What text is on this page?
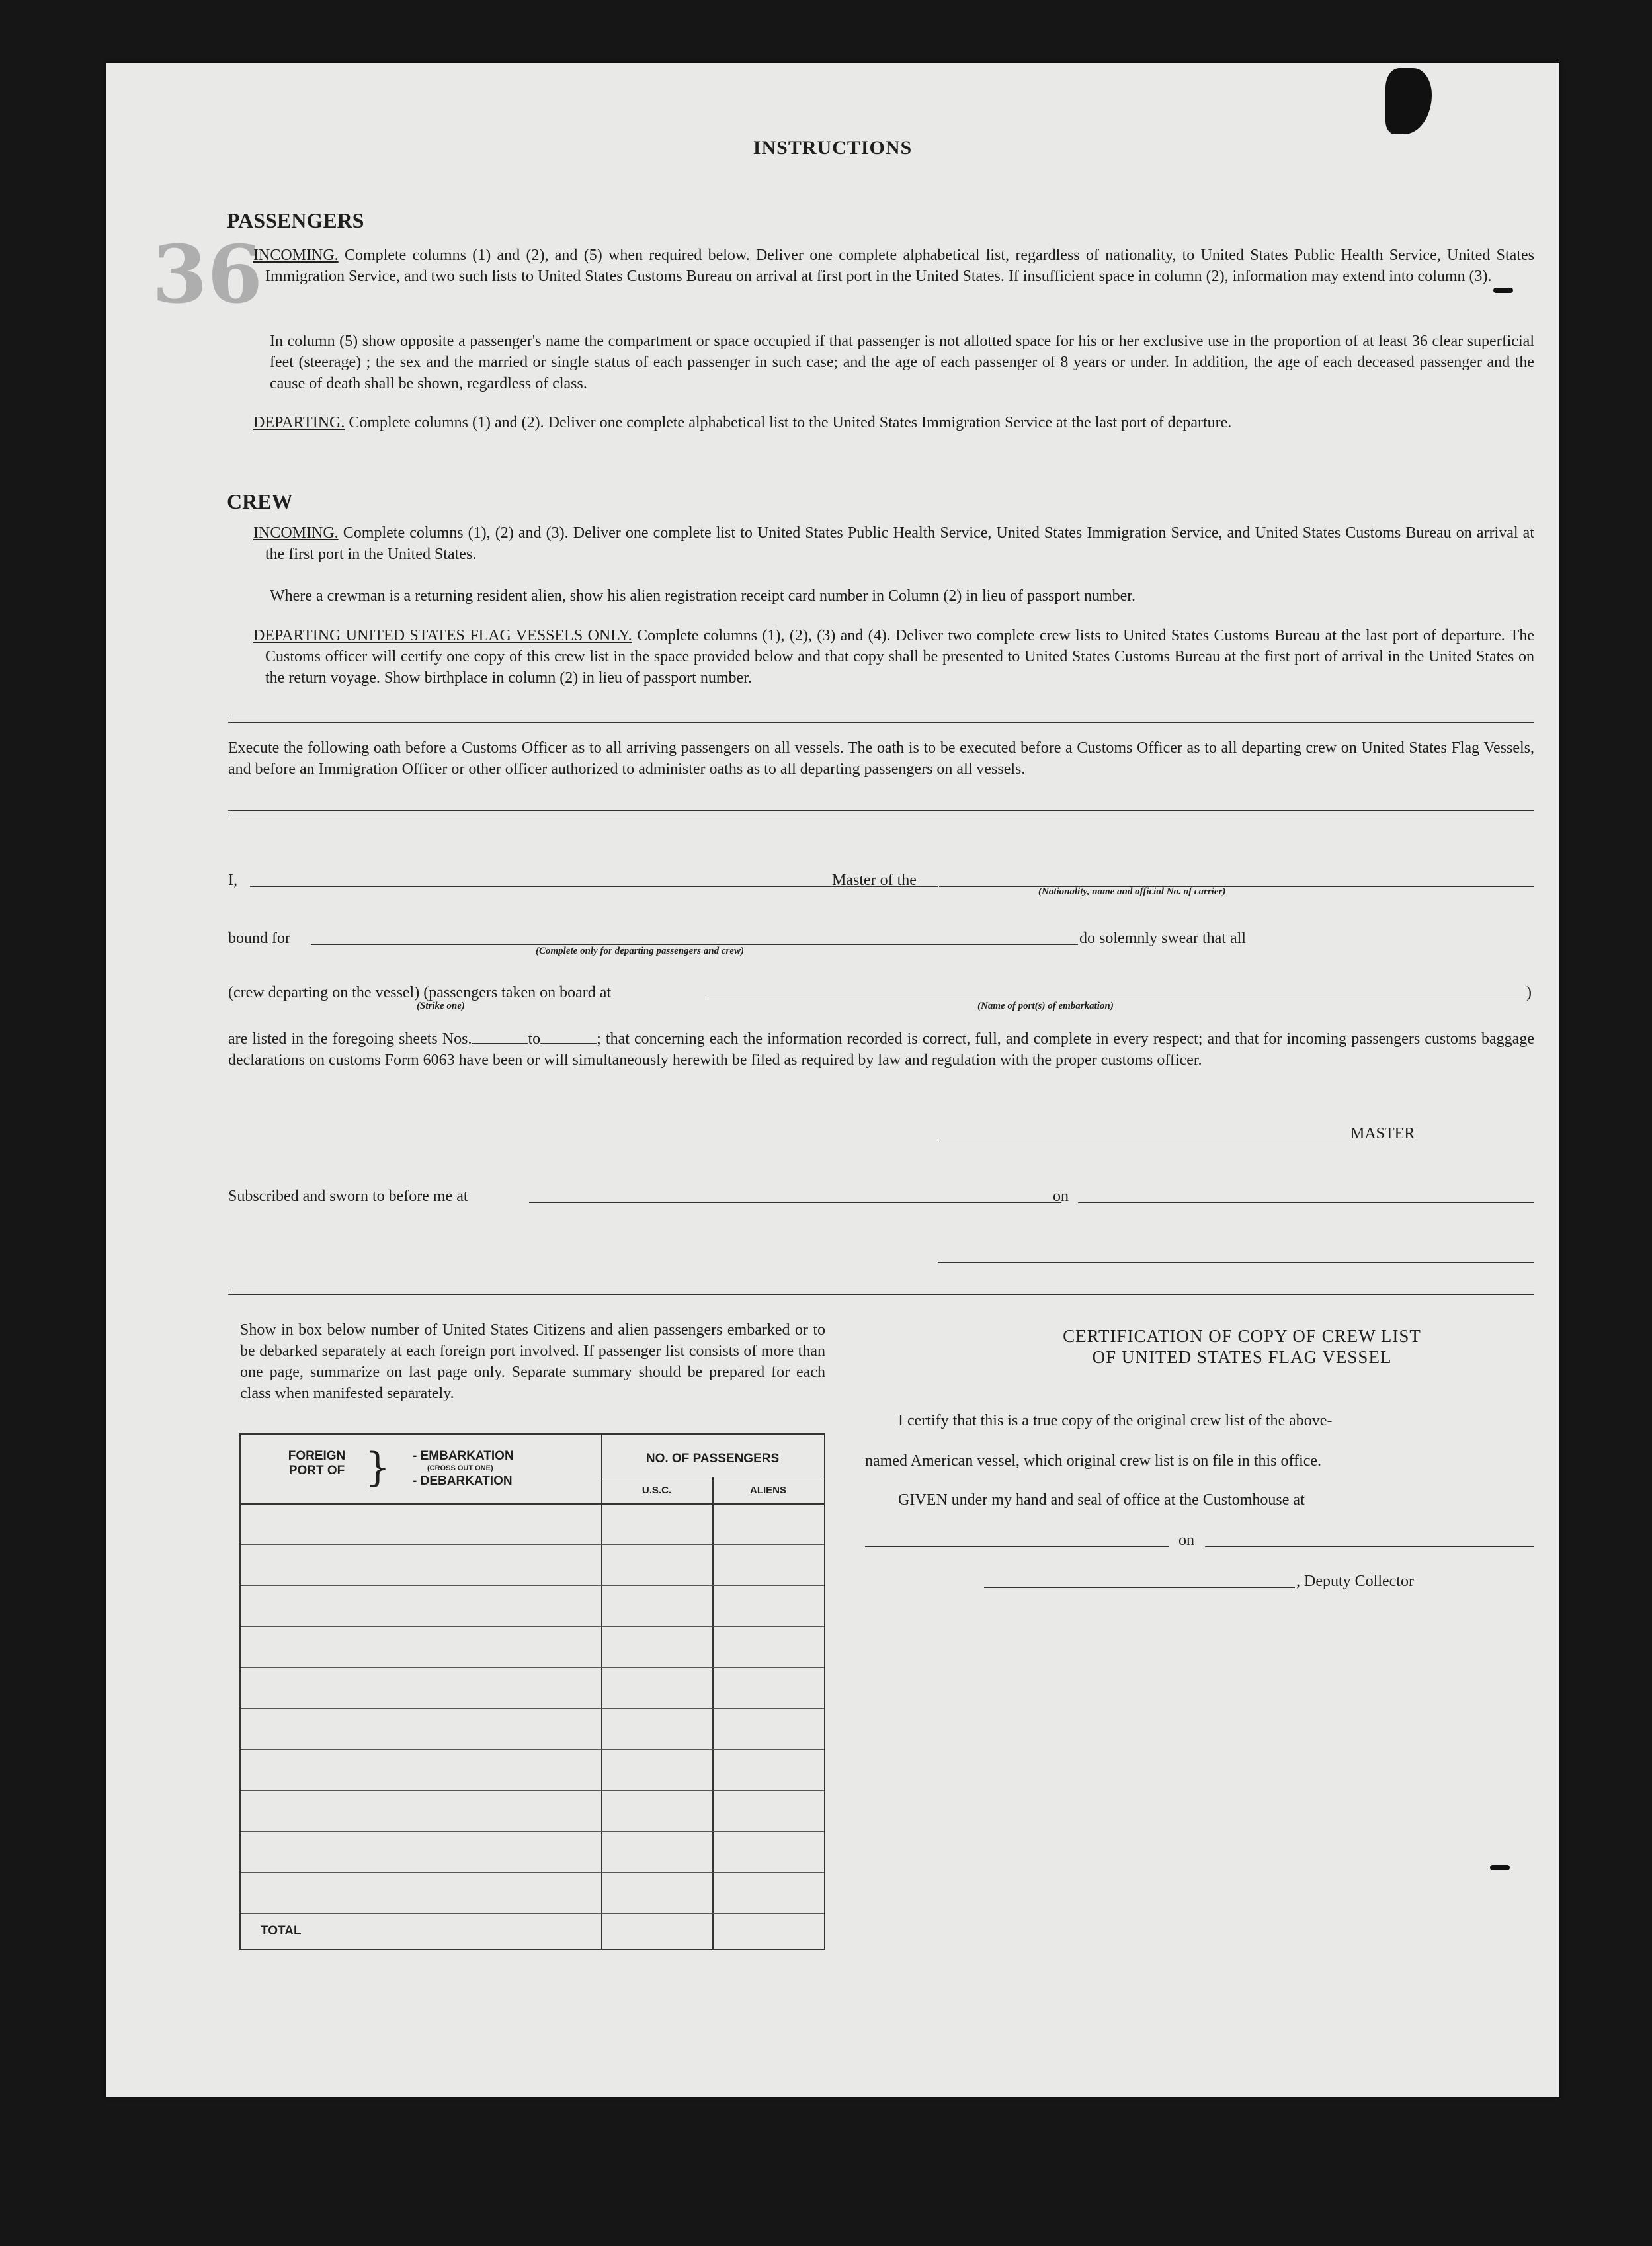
36
INSTRUCTIONS
PASSENGERS
INCOMING. Complete columns (1) and (2), and (5) when required below. Deliver one complete alphabetical list, regardless of nationality, to United States Public Health Service, United States Immigration Service, and two such lists to United States Customs Bureau on arrival at first port in the United States. If insufficient space in column (2), information may extend into column (3).
In column (5) show opposite a passenger's name the compartment or space occupied if that passenger is not allotted space for his or her exclusive use in the proportion of at least 36 clear superficial feet (steerage) ; the sex and the married or single status of each passenger in such case; and the age of each passenger of 8 years or under. In addition, the age of each deceased passenger and the cause of death shall be shown, regardless of class.
DEPARTING. Complete columns (1) and (2). Deliver one complete alphabetical list to the United States Immigration Service at the last port of departure.
CREW
INCOMING. Complete columns (1), (2) and (3). Deliver one complete list to United States Public Health Service, United States Immigration Service, and United States Customs Bureau on arrival at the first port in the United States.
Where a crewman is a returning resident alien, show his alien registration receipt card number in Column (2) in lieu of passport number.
DEPARTING UNITED STATES FLAG VESSELS ONLY. Complete columns (1), (2), (3) and (4). Deliver two complete crew lists to United States Customs Bureau at the last port of departure. The Customs officer will certify one copy of this crew list in the space provided below and that copy shall be presented to United States Customs Bureau at the first port of arrival in the United States on the return voyage. Show birthplace in column (2) in lieu of passport number.
Execute the following oath before a Customs Officer as to all arriving passengers on all vessels. The oath is to be executed before a Customs Officer as to all departing crew on United States Flag Vessels, and before an Immigration Officer or other officer authorized to administer oaths as to all departing passengers on all vessels.
I,	Master of the
(Nationality, name and official No. of carrier)
bound for	do solemnly swear that all
(Complete only for departing passengers and crew)
(crew departing on the vessel) (passengers taken on board at	)
(Strike one)	(Name of port(s) of embarkation)
are listed in the foregoing sheets Nos.	to	; that concerning each the information recorded is correct, full, and complete in every respect; and that for incoming passengers customs baggage declarations on customs Form 6063 have been or will simultaneously herewith be filed as required by law and regulation with the proper customs officer.
MASTER
Subscribed and sworn to before me at	on
Show in box below number of United States Citizens and alien passengers embarked or to be debarked separately at each foreign port involved. If passenger list consists of more than one page, summarize on last page only. Separate summary should be prepared for each class when manifested separately.
FOREIGN PORT OF } - EMBARKATION
(CROSS OUT ONE)
- DEBARKATION
NO. OF PASSENGERS
U.S.C.	ALIENS
TOTAL
CERTIFICATION OF COPY OF CREW LIST
OF UNITED STATES FLAG VESSEL
I certify that this is a true copy of the original crew list of the above-
named American vessel, which original crew list is on file in this office.
GIVEN under my hand and seal of office at the Customhouse at
on
, Deputy Collector
